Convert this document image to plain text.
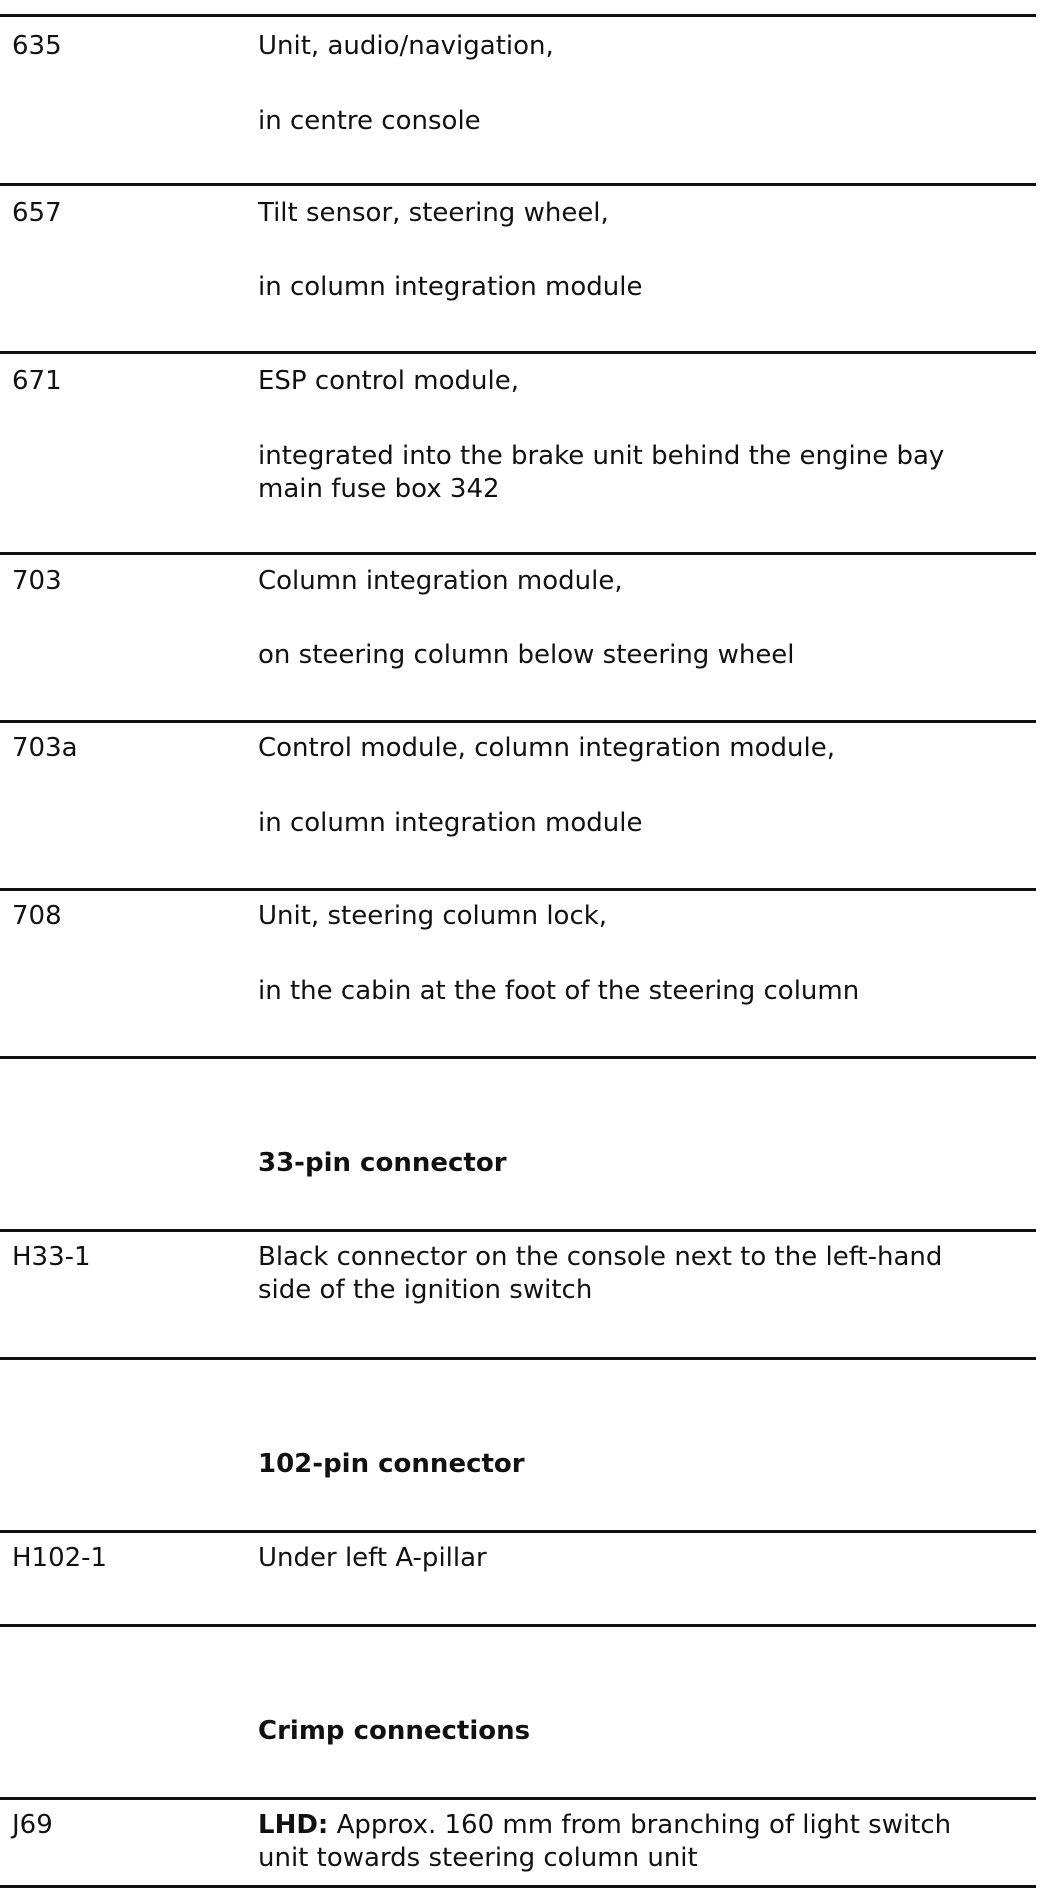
635	Unit, audio/navigation,
in centre console
657	Tilt sensor, steering wheel,
in column integration module
671	ESP control module,
integrated into the brake unit behind the engine bay
main fuse box 342
703	Column integration module,
on steering column below steering wheel
703a	Control module, column integration module,
in column integration module
708	Unit, steering column lock,
in the cabin at the foot of the steering column
33-pin connector
H33-1	Black connector on the console next to the left-hand
side of the ignition switch
102-pin connector
H102-1	Under left A-pillar
Crimp connections
J69	LHD: Approx. 160 mm from branching of light switch
unit towards steering column unit
